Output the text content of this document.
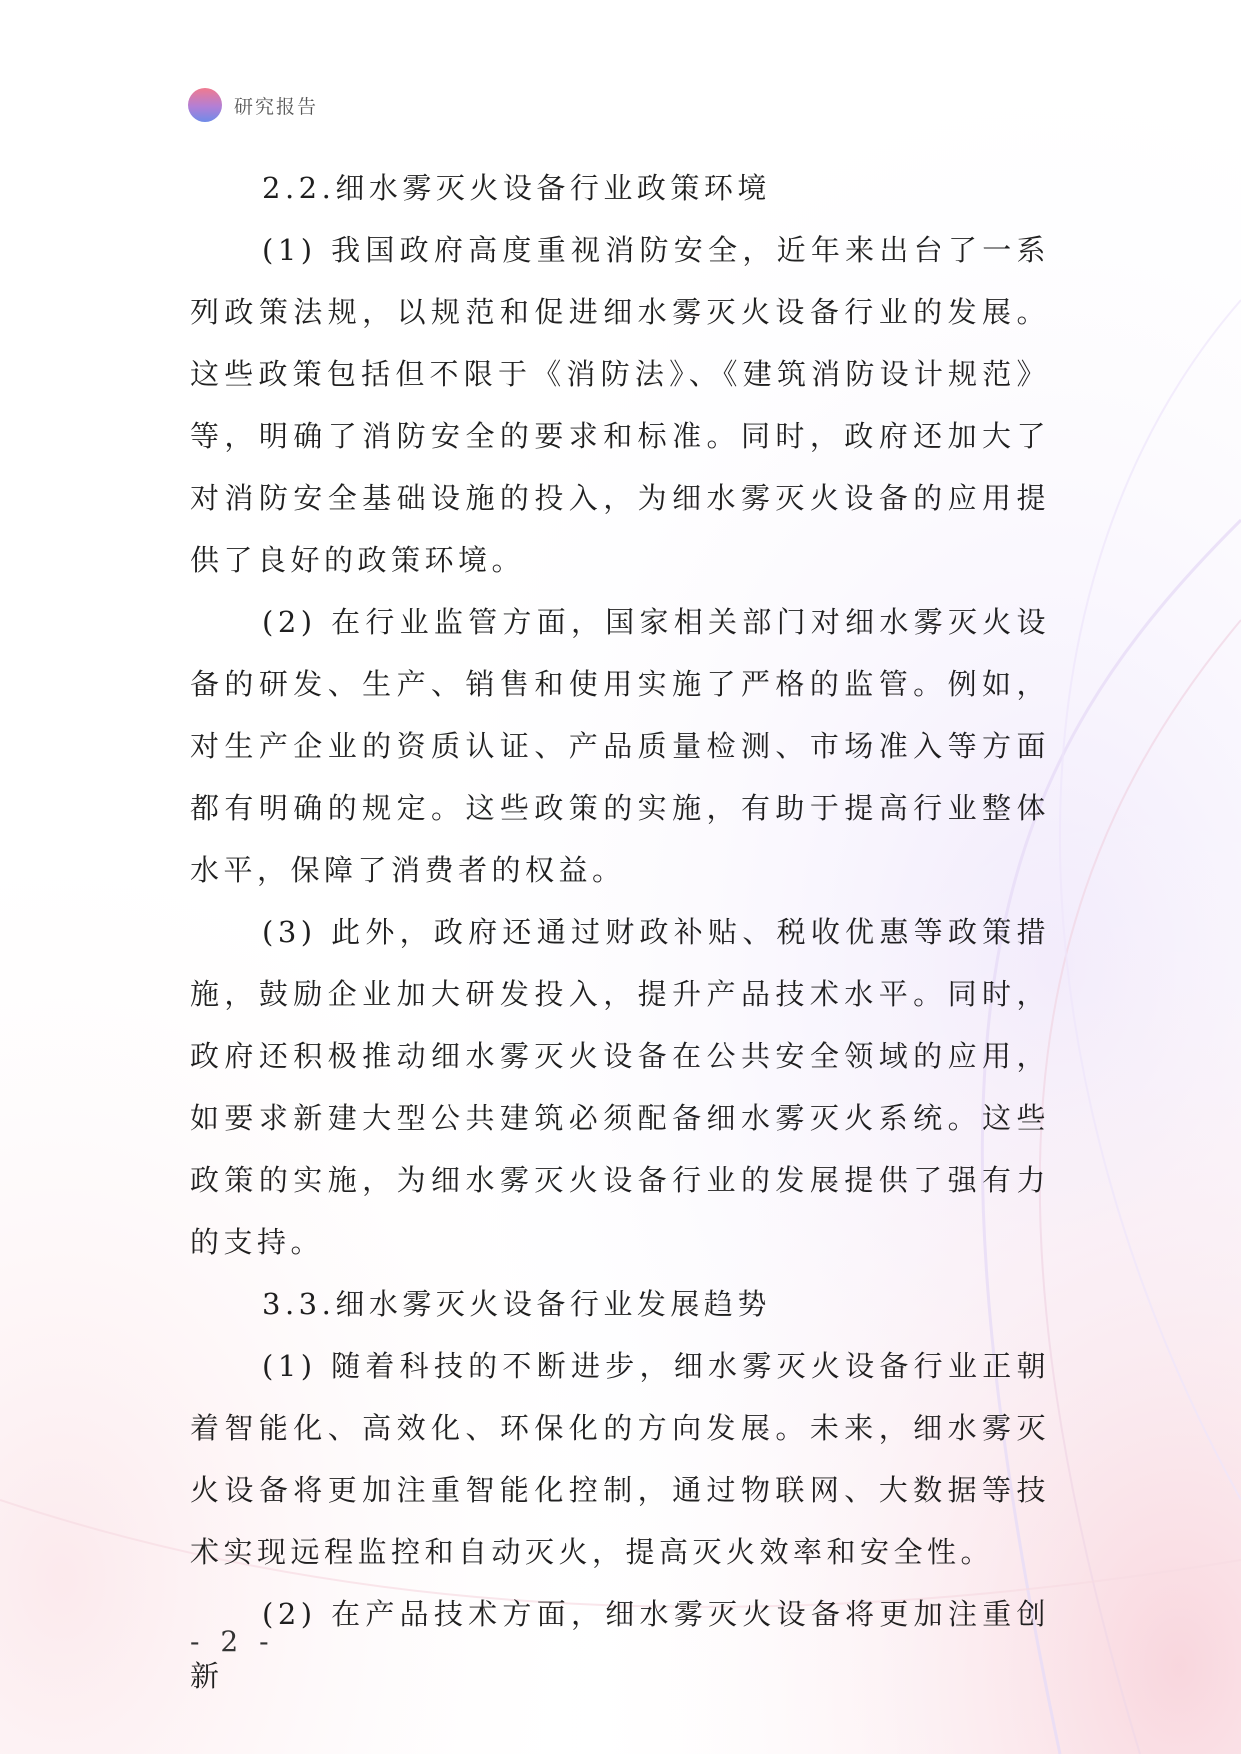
研究报告
2.2.细水雾灭火设备行业政策环境

(1) 我国政府高度重视消防安全，近年来出台了一系列政策法规，以规范和促进细水雾灭火设备行业的发展。这些政策包括但不限于《消防法》、《建筑消防设计规范》等，明确了消防安全的要求和标准。同时，政府还加大了对消防安全基础设施的投入，为细水雾灭火设备的应用提供了良好的政策环境。

(2) 在行业监管方面，国家相关部门对细水雾灭火设备的研发、生产、销售和使用实施了严格的监管。例如，对生产企业的资质认证、产品质量检测、市场准入等方面都有明确的规定。这些政策的实施，有助于提高行业整体水平，保障了消费者的权益。

(3) 此外，政府还通过财政补贴、税收优惠等政策措施，鼓励企业加大研发投入，提升产品技术水平。同时，政府还积极推动细水雾灭火设备在公共安全领域的应用，如要求新建大型公共建筑必须配备细水雾灭火系统。这些政策的实施，为细水雾灭火设备行业的发展提供了强有力的支持。

3.3.细水雾灭火设备行业发展趋势

(1) 随着科技的不断进步，细水雾灭火设备行业正朝着智能化、高效化、环保化的方向发展。未来，细水雾灭火设备将更加注重智能化控制，通过物联网、大数据等技术实现远程监控和自动灭火，提高灭火效率和安全性。

(2) 在产品技术方面，细水雾灭火设备将更加注重创新

- 2 -
